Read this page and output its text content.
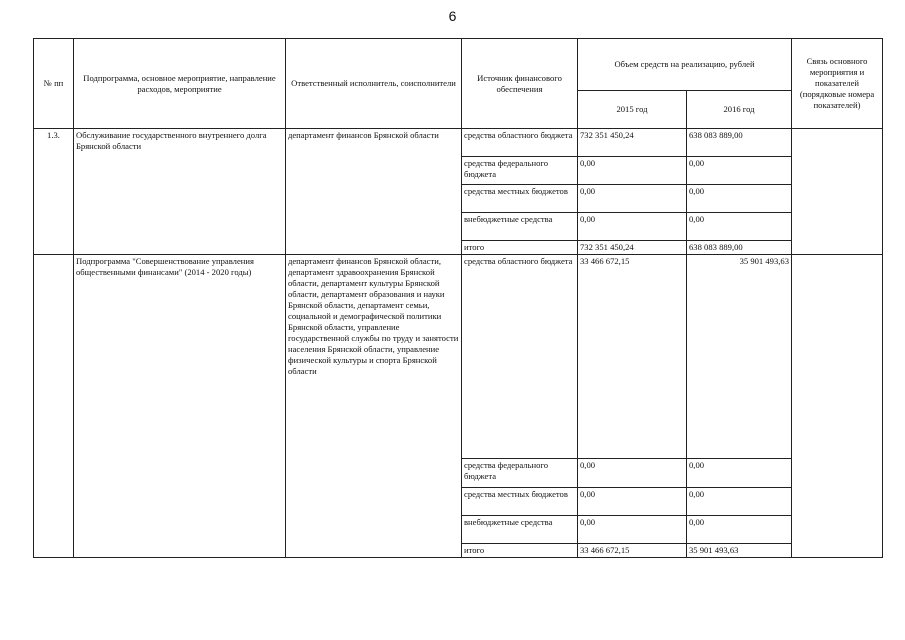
6
№ пп	Подпрограмма, основное мероприятие, направление расходов, мероприятие	Ответственный исполнитель, соисполнители	Источник финансового обеспечения	Объем средств на реализацию, рублей		Связь основного мероприятия и показателей (порядковые номера показателей)
				2015 год	2016 год	
1.3.	Обслуживание государственного внутреннего долга Брянской области	департамент финансов Брянской области	средства областного бюджета	732 351 450,24	638 083 889,00	
			средства федерального бюджета	0,00	0,00	
			средства местных бюджетов	0,00	0,00	
			внебюджетные средства	0,00	0,00	
			итого	732 351 450,24	638 083 889,00	
	Подпрограмма "Совершенствование управления общественными финансами" (2014 - 2020 годы)	департамент финансов Брянской области, департамент здравоохранения Брянской области, департамент культуры Брянской области, департамент образования и науки Брянской области, департамент семьи, социальной и демографической политики Брянской области, управление государственной службы по труду и занятости населения Брянской области, управление физической культуры и спорта Брянской области	средства областного бюджета	33 466 672,15	35 901 493,63	
			средства федерального бюджета	0,00	0,00	
			средства местных бюджетов	0,00	0,00	
			внебюджетные средства	0,00	0,00	
			итого	33 466 672,15	35 901 493,63	
